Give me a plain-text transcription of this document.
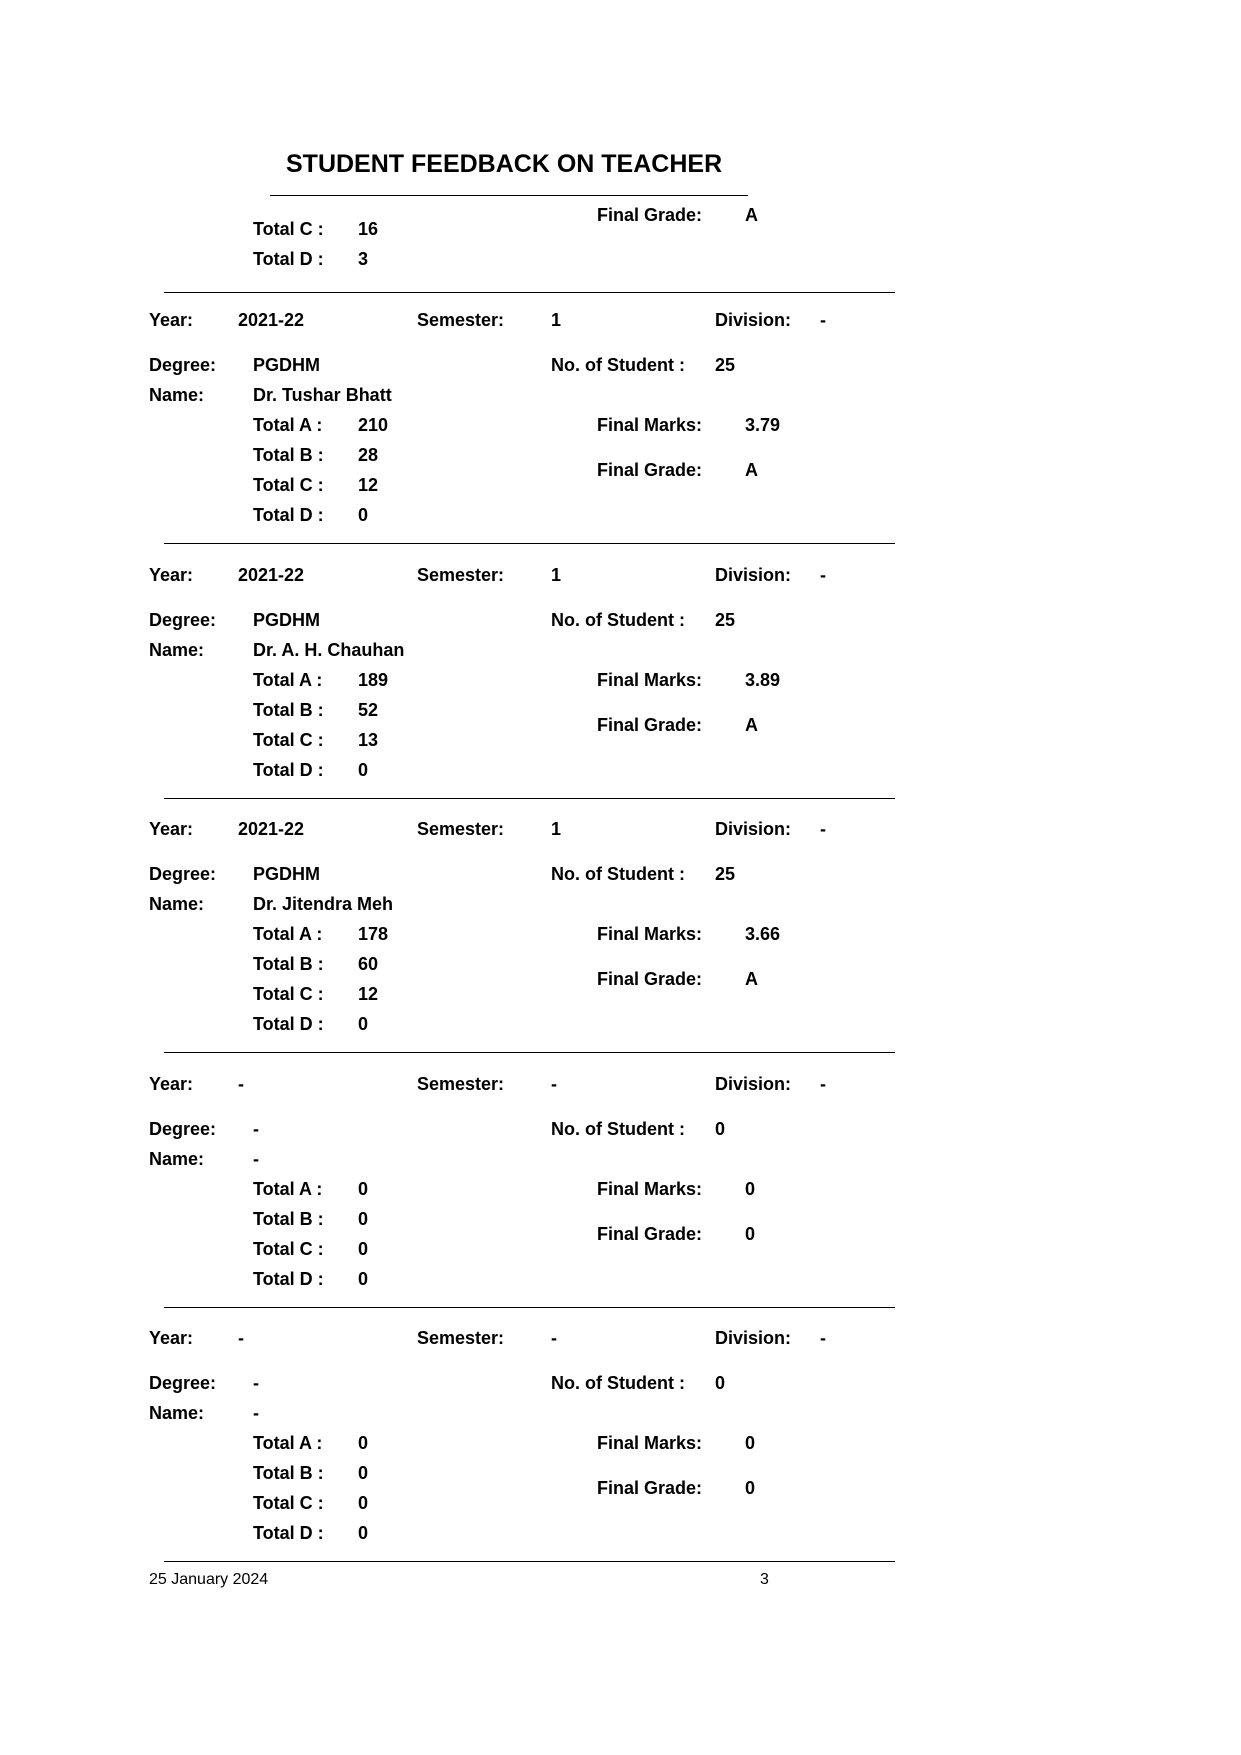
STUDENT FEEDBACK ON TEACHER
Final Grade: A
Total C : 16
Total D : 3
Year: 2021-22	Semester:	1	Division: -
Degree: PGDHM	No. of Student : 25
Name:	Dr. Tushar Bhatt
Total A : 210	Final Marks: 3.79
Total B : 28
Final Grade: A
Total C : 12
Total D : 0
Year: 2021-22	Semester:	1	Division: -
Degree: PGDHM	No. of Student : 25
Name:	Dr. A. H. Chauhan
Total A : 189	Final Marks: 3.89
Total B : 52
Final Grade: A
Total C : 13
Total D : 0
Year: 2021-22	Semester:	1	Division: -
Degree: PGDHM	No. of Student : 25
Name:	Dr. Jitendra Meh
Total A : 178	Final Marks: 3.66
Total B : 60
Final Grade: A
Total C : 12
Total D : 0
Year: -	Semester:	-	Division: -
Degree: -	No. of Student : 0
Name:	-
Total A : 0	Final Marks: 0
Total B : 0
Final Grade: 0
Total C : 0
Total D : 0
Year: -	Semester:	-	Division: -
Degree: -	No. of Student : 0
Name:	-
Total A : 0	Final Marks: 0
Total B : 0
Final Grade: 0
Total C : 0
Total D : 0
25 January 2024	3
